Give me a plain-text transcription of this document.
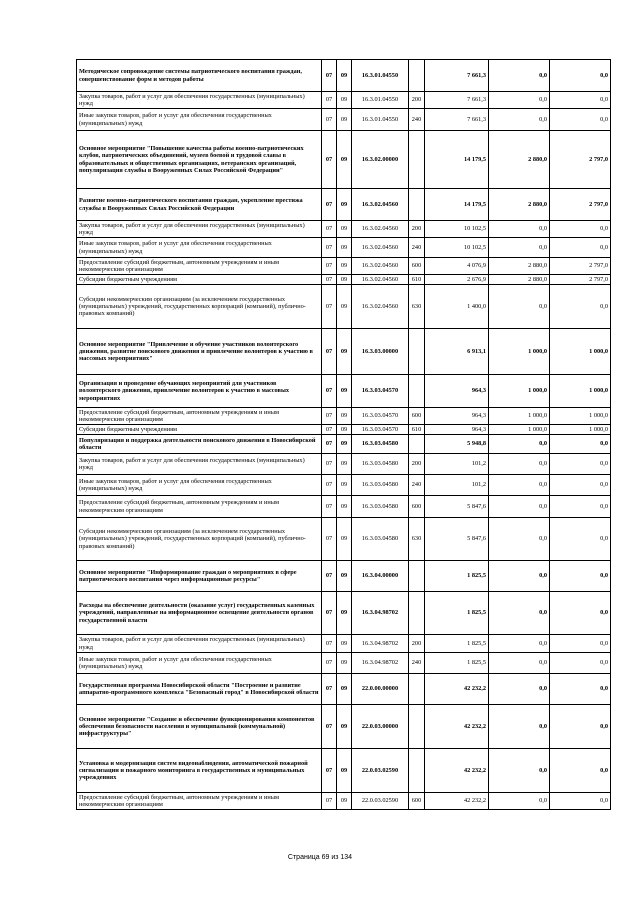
Методическое сопровождение системы патриотического воспитания граждан, совершенствование форм и методов работы	07	09	16.3.01.04550		7 661,3	0,0	0,0
Закупка товаров, работ и услуг для обеспечения государственных (муниципальных) нужд	07	09	16.3.01.04550	200	7 661,3	0,0	0,0
Иные закупки товаров, работ и услуг для обеспечения государственных (муниципальных) нужд	07	09	16.3.01.04550	240	7 661,3	0,0	0,0
Основное мероприятие "Повышение качества работы военно-патриотических клубов, патриотических объединений, музеев боевой и трудовой славы в образовательных и общественных организациях, ветеранских организаций, популяризация службы в Вооруженных Силах Российской Федерации"	07	09	16.3.02.00000		14 179,5	2 880,0	2 797,0
Развитие военно-патриотического воспитания граждан, укрепление престижа службы в Вооруженных Силах Российской Федерации	07	09	16.3.02.04560		14 179,5	2 880,0	2 797,0
Закупка товаров, работ и услуг для обеспечения государственных (муниципальных) нужд	07	09	16.3.02.04560	200	10 102,5	0,0	0,0
Иные закупки товаров, работ и услуг для обеспечения государственных (муниципальных) нужд	07	09	16.3.02.04560	240	10 102,5	0,0	0,0
Предоставление субсидий бюджетным, автономным учреждениям и иным некоммерческим организациям	07	09	16.3.02.04560	600	4 076,9	2 880,0	2 797,0
Субсидии бюджетным учреждениям	07	09	16.3.02.04560	610	2 676,9	2 880,0	2 797,0
Субсидии некоммерческим организациям (за исключением государственных (муниципальных) учреждений, государственных корпораций (компаний), публично-правовых компаний)	07	09	16.3.02.04560	630	1 400,0	0,0	0,0
Основное мероприятие "Привлечение и обучение участников волонтерского движения, развитие поискового движения и привлечение волонтеров к участию в массовых мероприятиях"	07	09	16.3.03.00000		6 913,1	1 000,0	1 000,0
Организация и проведение обучающих мероприятий для участников волонтерского движения, привлечение волонтеров к участию в массовых мероприятиях	07	09	16.3.03.04570		964,3	1 000,0	1 000,0
Предоставление субсидий бюджетным, автономным учреждениям и иным некоммерческим организациям	07	09	16.3.03.04570	600	964,3	1 000,0	1 000,0
Субсидии бюджетным учреждениям	07	09	16.3.03.04570	610	964,3	1 000,0	1 000,0
Популяризация и поддержка деятельности поискового движения в Новосибирской области	07	09	16.3.03.04580		5 948,8	0,0	0,0
Закупка товаров, работ и услуг для обеспечения государственных (муниципальных) нужд	07	09	16.3.03.04580	200	101,2	0,0	0,0
Иные закупки товаров, работ и услуг для обеспечения государственных (муниципальных) нужд	07	09	16.3.03.04580	240	101,2	0,0	0,0
Предоставление субсидий бюджетным, автономным учреждениям и иным некоммерческим организациям	07	09	16.3.03.04580	600	5 847,6	0,0	0,0
Субсидии некоммерческим организациям (за исключением государственных (муниципальных) учреждений, государственных корпораций (компаний), публично-правовых компаний)	07	09	16.3.03.04580	630	5 847,6	0,0	0,0
Основное мероприятие "Информирование граждан о мероприятиях в сфере патриотического воспитания через информационные ресурсы"	07	09	16.3.04.00000		1 825,5	0,0	0,0
Расходы на обеспечение деятельности (оказание услуг) государственных казенных учреждений, направленные на информационное освещение деятельности органов государственной власти	07	09	16.3.04.98702		1 825,5	0,0	0,0
Закупка товаров, работ и услуг для обеспечения государственных (муниципальных) нужд	07	09	16.3.04.98702	200	1 825,5	0,0	0,0
Иные закупки товаров, работ и услуг для обеспечения государственных (муниципальных) нужд	07	09	16.3.04.98702	240	1 825,5	0,0	0,0
Государственная программа Новосибирской области "Построение и развитие аппаратно-программного комплекса "Безопасный город" в Новосибирской области	07	09	22.0.00.00000		42 232,2	0,0	0,0
Основное мероприятие "Создание и обеспечение функционирования компонентов обеспечения безопасности населения и муниципальной (коммунальной) инфраструктуры"	07	09	22.0.03.00000		42 232,2	0,0	0,0
Установка и модернизация систем видеонаблюдения, автоматической пожарной сигнализации и пожарного мониторинга в государственных и муниципальных учреждениях	07	09	22.0.03.02590		42 232,2	0,0	0,0
Предоставление субсидий бюджетным, автономным учреждениям и иным некоммерческим организациям	07	09	22.0.03.02590	600	42 232,2	0,0	0,0
Страница 69 из 134
